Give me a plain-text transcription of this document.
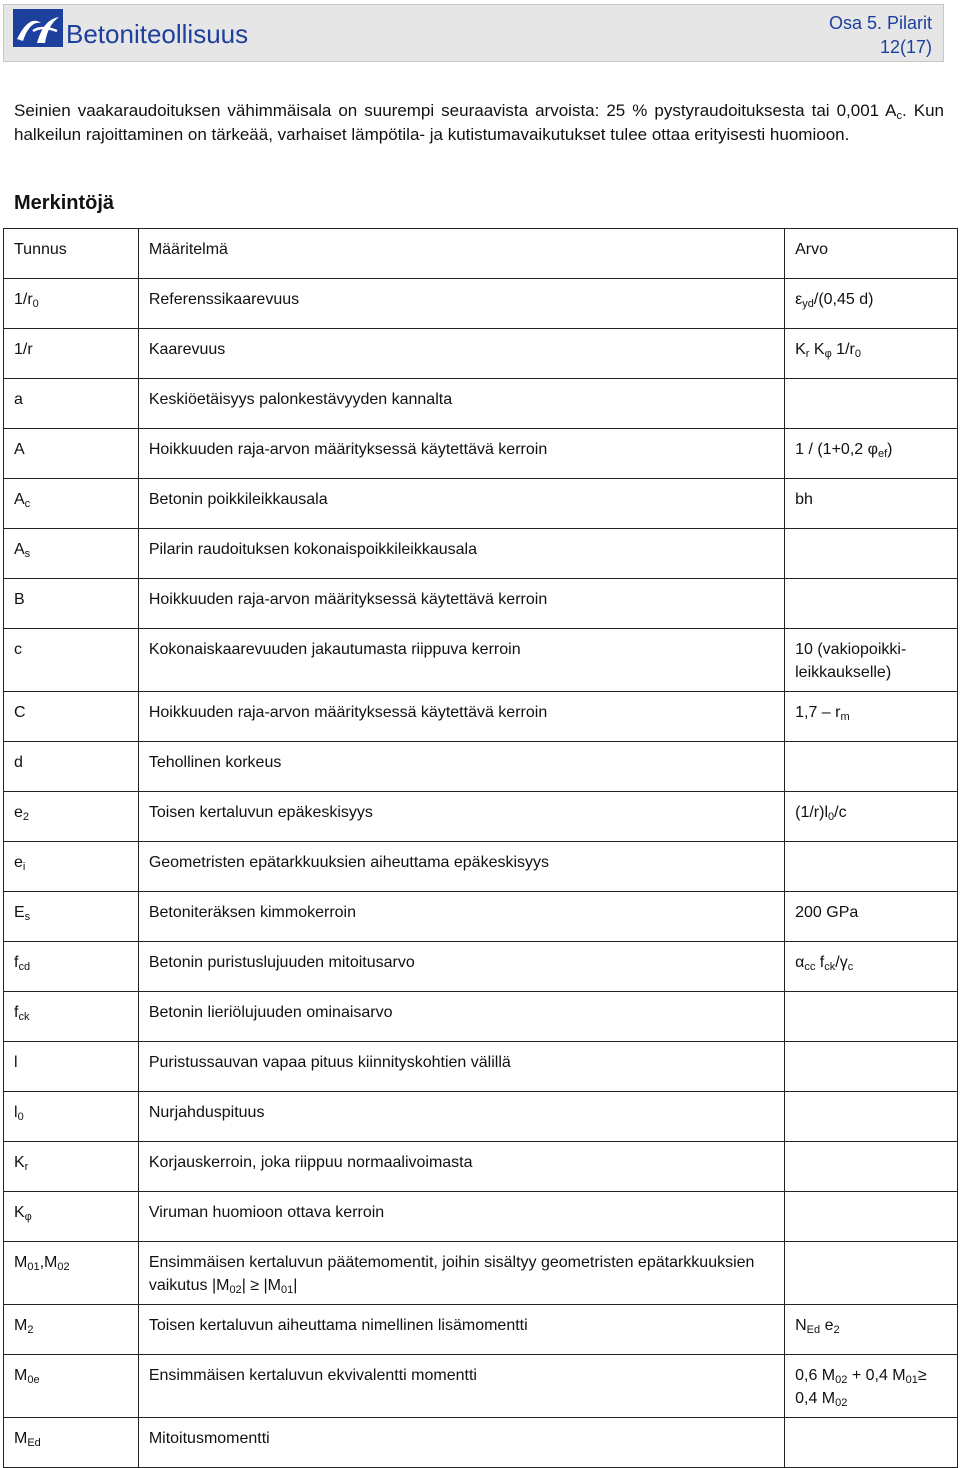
Betoniteollisuus	Osa 5. Pilarit
12(17)
Seinien vaakaraudoituksen vähimmäisala on suurempi seuraavista arvoista: 25 % pystyraudoituksesta tai 0,001 $A_c$. Kun halkeilun rajoittaminen on tärkeää, varhaiset lämpötila- ja kutistumavaikutukset tulee ottaa erityisesti huomioon.
Merkintöjä
Tunnus	Määritelmä	Arvo
$1/r_0$	Referenssikaarevuus	$\varepsilon_{yd}/(0,45$ d)
1/r	Kaarevuus	$K_r$ $K_\varphi$ $1/r_0$
a	Keskiöetäisyys palonkestävyyden kannalta	
A	Hoikkuuden raja-arvon määrityksessä käytettävä kerroin	1 / (1+0,2 $\varphi_{ef}$)
$A_c$	Betonin poikkileikkausala	bh
$A_s$	Pilarin raudoituksen kokonaispoikkileikkausala	
B	Hoikkuuden raja-arvon määrityksessä käytettävä kerroin	
c	Kokonaiskaarevuuden jakautumasta riippuva kerroin	10 (vakiopoikki-leikkaukselle)
C	Hoikkuuden raja-arvon määrityksessä käytettävä kerroin	$1,7 - r_m$
d	Tehollinen korkeus	
$e_2$	Toisen kertaluvun epäkeskisyys	$(1/r)l_0/c$
$e_i$	Geometristen epätarkkuuksien aiheuttama epäkeskisyys	
$E_s$	Betoniteräksen kimmokerroin	200 GPa
$f_{cd}$	Betonin puristuslujuuden mitoitusarvo	$\alpha_{cc}$ $f_{ck}/\gamma_c$
$f_{ck}$	Betonin lieriölujuuden ominaisarvo	
l	Puristussauvan vapaa pituus kiinnityskohtien välillä	
$l_0$	Nurjahduspituus	
$K_r$	Korjauskerroin, joka riippuu normaalivoimasta	
$K_\varphi$	Viruman huomioon ottava kerroin	
$M_{01},M_{02}$	Ensimmäisen kertaluvun päätemomentit, joihin sisältyy geometristen epätarkkuuksien vaikutus $|M_{02}| \ge |M_{01}|$	
$M_2$	Toisen kertaluvun aiheuttama nimellinen lisämomentti	$N_{Ed}$ $e_2$
$M_{0e}$	Ensimmäisen kertaluvun ekvivalentti momentti	0,6 $M_{02} + 0,4$ $M_{01}\ge 0,4$ $M_{02}$
$M_{Ed}$	Mitoitusmomentti	
